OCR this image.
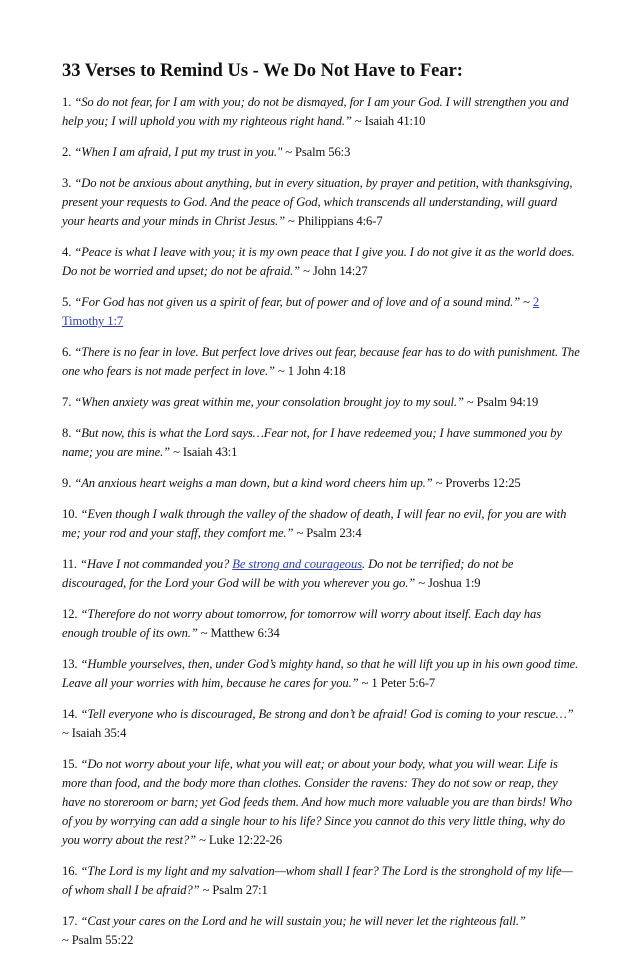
33 Verses to Remind Us - We Do Not Have to Fear:

1. “So do not fear, for I am with you; do not be dismayed, for I am your God. I will strengthen you and help you; I will uphold you with my righteous right hand.” ~ Isaiah 41:10

2. “When I am afraid, I put my trust in you." ~ Psalm 56:3

3. “Do not be anxious about anything, but in every situation, by prayer and petition, with thanksgiving, present your requests to God. And the peace of God, which transcends all understanding, will guard your hearts and your minds in Christ Jesus.” ~ Philippians 4:6-7

4. “Peace is what I leave with you; it is my own peace that I give you. I do not give it as the world does. Do not be worried and upset; do not be afraid.” ~ John 14:27

5. “For God has not given us a spirit of fear, but of power and of love and of a sound mind.” ~ 2 Timothy 1:7

6. “There is no fear in love. But perfect love drives out fear, because fear has to do with punishment. The one who fears is not made perfect in love.” ~ 1 John 4:18

7. “When anxiety was great within me, your consolation brought joy to my soul.” ~ Psalm 94:19

8. “But now, this is what the Lord says…Fear not, for I have redeemed you; I have summoned you by name; you are mine.” ~ Isaiah 43:1

9. “An anxious heart weighs a man down, but a kind word cheers him up.” ~ Proverbs 12:25

10. “Even though I walk through the valley of the shadow of death, I will fear no evil, for you are with me; your rod and your staff, they comfort me.” ~ Psalm 23:4

11. “Have I not commanded you? Be strong and courageous. Do not be terrified; do not be discouraged, for the Lord your God will be with you wherever you go.” ~ Joshua 1:9

12. “Therefore do not worry about tomorrow, for tomorrow will worry about itself. Each day has enough trouble of its own.” ~ Matthew 6:34

13. “Humble yourselves, then, under God’s mighty hand, so that he will lift you up in his own good time. Leave all your worries with him, because he cares for you.” ~ 1 Peter 5:6-7

14. “Tell everyone who is discouraged, Be strong and don’t be afraid! God is coming to your rescue…” ~ Isaiah 35:4

15. “Do not worry about your life, what you will eat; or about your body, what you will wear. Life is more than food, and the body more than clothes. Consider the ravens: They do not sow or reap, they have no storeroom or barn; yet God feeds them. And how much more valuable you are than birds! Who of you by worrying can add a single hour to his life? Since you cannot do this very little thing, why do you worry about the rest?” ~ Luke 12:22-26

16. “The Lord is my light and my salvation—whom shall I fear? The Lord is the stronghold of my life—of whom shall I be afraid?” ~ Psalm 27:1

17. “Cast your cares on the Lord and he will sustain you; he will never let the righteous fall.”
~ Psalm 55:22
